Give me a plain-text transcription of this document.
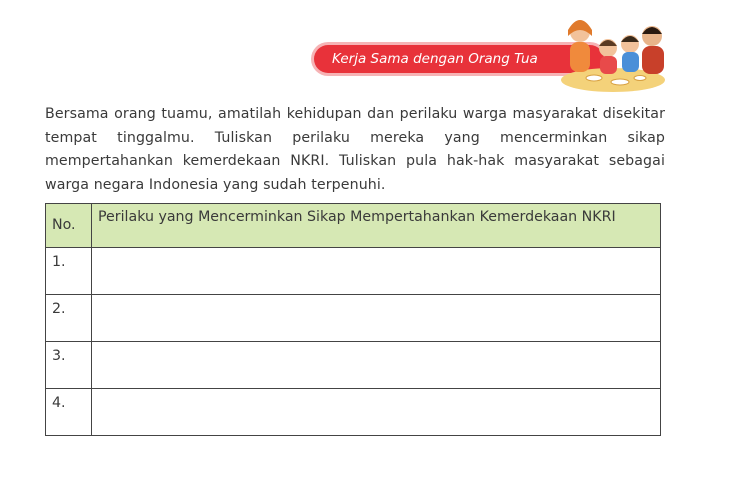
Kerja Sama dengan Orang Tua

Bersama orang tuamu, amatilah kehidupan dan perilaku warga masyarakat disekitar tempat tinggalmu. Tuliskan perilaku mereka yang mencerminkan sikap mempertahankan kemerdekaan NKRI. Tuliskan pula hak-hak masyarakat sebagai warga negara Indonesia yang sudah terpenuhi.

No.	Perilaku yang Mencerminkan Sikap Mempertahankan Kemerdekaan NKRI
1.	
2.	
3.	
4.	
